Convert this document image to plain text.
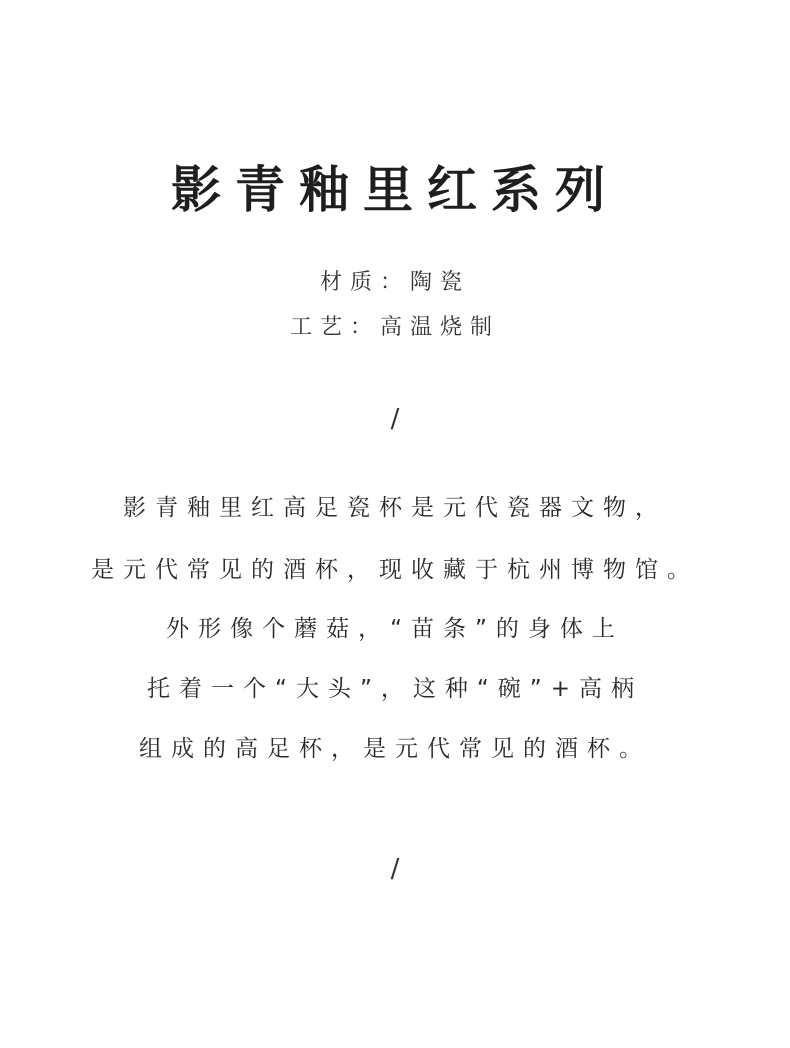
影青釉里红系列
材质：陶瓷
工艺：高温烧制
/
影青釉里红高足瓷杯是元代瓷器文物，
是元代常见的酒杯，现收藏于杭州博物馆。
外形像个蘑菇，“苗条”的身体上
托着一个“大头”，这种“碗”+高柄
组成的高足杯，是元代常见的酒杯。
/
